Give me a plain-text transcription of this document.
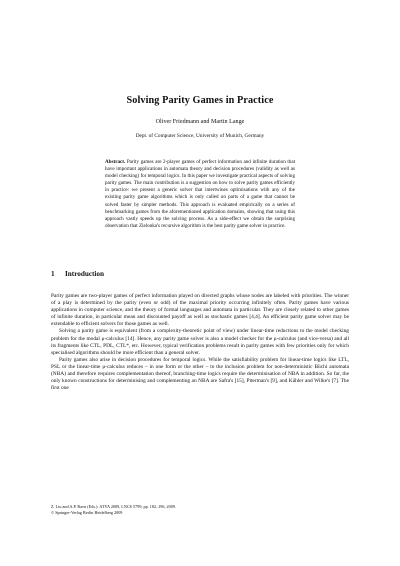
Solving Parity Games in Practice
Oliver Friedmann and Martin Lange
Dept. of Computer Science, University of Munich, Germany
Abstract. Parity games are 2-player games of perfect information and infinite duration that have important applications in automata theory and decision procedures (validity as well as model checking) for temporal logics. In this paper we investigate practical aspects of solving parity games. The main contribution is a suggestion on how to solve parity games efficiently in practice: we present a generic solver that intertwines optimisations with any of the existing parity game algorithms which is only called on parts of a game that cannot be solved faster by simpler methods. This approach is evaluated empirically on a series of benchmarking games from the aforementioned application domains, showing that using this approach vastly speeds up the solving process. As a side-effect we obtain the surprising observation that Zielonka's recursive algorithm is the best parity game solver in practice.
1 Introduction

Parity games are two-player games of perfect information played on directed graphs whose nodes are labeled with priorities. The winner of a play is determined by the parity (even or odd) of the maximal priority occurring infinitely often. Parity games have various applications in computer science, and the theory of formal languages and automata in particular. They are closely related to other games of infinite duration, in particular mean and discounted payoff as well as stochastic games [4,4]. An efficient parity game solver may be extendable to efficient solvers for those games as well.

Solving a parity game is equivalent (from a complexity-theoretic point of view) under linear-time reductions to the model checking problem for the modal μ-calculus [14]. Hence, any parity game solver is also a model checker for the μ-calculus (and vice-versa) and all its fragments like CTL, PDL, CTL*, etc. However, typical verification problems result in parity games with few priorities only for which specialised algorithms should be more efficient than a general solver.

Parity games also arise in decision procedures for temporal logics. While the satisfiability problem for linear-time logics like LTL, PSL or the linear-time μ-calculus reduces – in one form or the other – to the inclusion problem for non-deterministic Büchi automata (NBA) and therefore requires complementation thereof, branching-time logics require the determinisation of NBA in addition. So far, the only known constructions for determinising and complementing an NBA are Safra's [15], Piterman's [9], and Kähler and Wilke's [7]. The first one

Z. Liu and A.P. Ravn (Eds.): ATVA 2009, LNCS 5799, pp. 182–196, 2009.
© Springer-Verlag Berlin Heidelberg 2009
